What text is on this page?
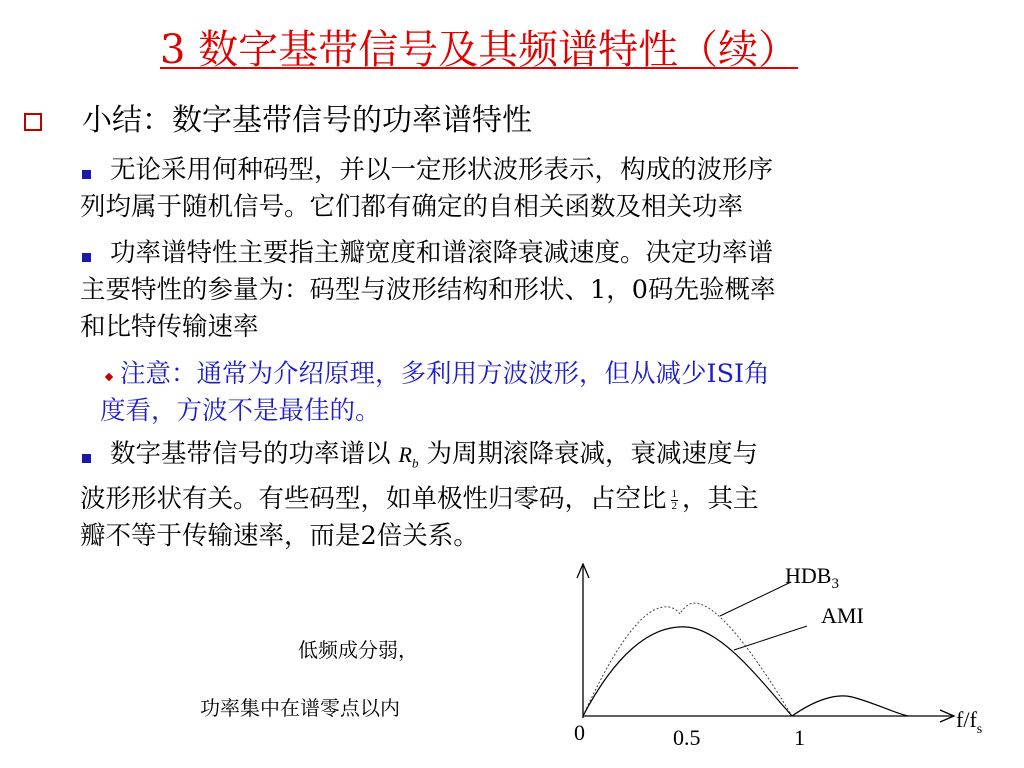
3 数字基带信号及其频谱特性（续）
小结：数字基带信号的功率谱特性
无论采用何种码型，并以一定形状波形表示，构成的波形序
列均属于随机信号。它们都有确定的自相关函数及相关功率
功率谱特性主要指主瓣宽度和谱滚降衰减速度。决定功率谱
主要特性的参量为：码型与波形结构和形状、1，0码先验概率
和比特传输速率
注意：通常为介绍原理，多利用方波波形，但从减少ISI角
度看，方波不是最佳的。
数字基带信号的功率谱以 $R_b$ 为周期滚降衰减，衰减速度与
波形形状有关。有些码型，如单极性归零码，占空比 $\frac{1}{2}$ ，其主
瓣不等于传输速率，而是2倍关系。
低频成分弱，
功率集中在谱零点以内
$HDB_3$
AMI
0	0.5	1
$f/f_s$
